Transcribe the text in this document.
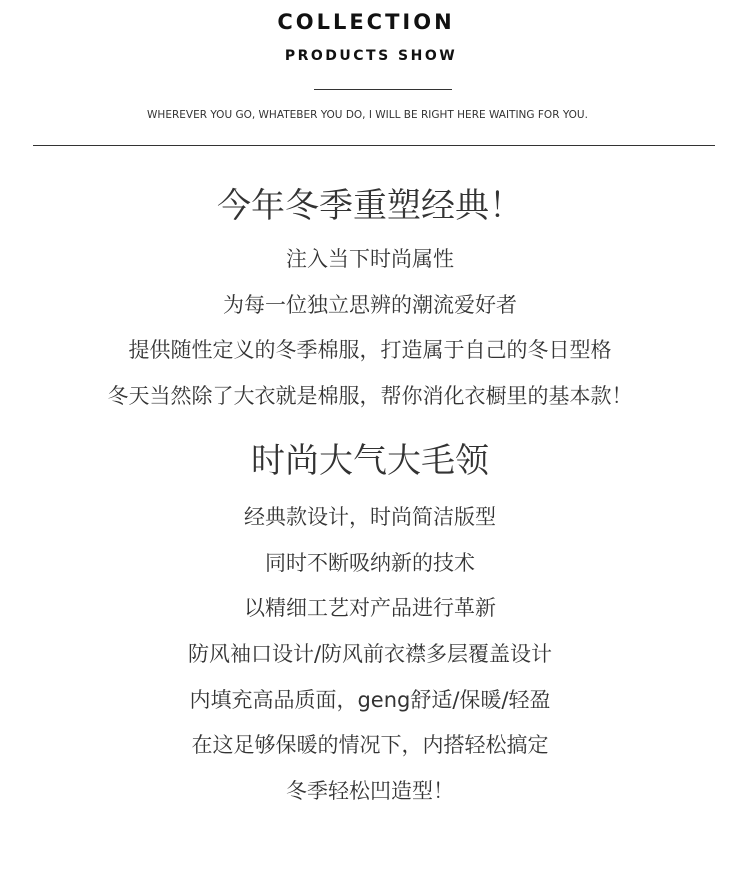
COLLECTION
PRODUCTS SHOW
WHEREVER YOU GO, WHATEBER YOU DO, I WILL BE RIGHT HERE WAITING FOR YOU.
今年冬季重塑经典！
注入当下时尚属性
为每一位独立思辨的潮流爱好者
提供随性定义的冬季棉服，打造属于自己的冬日型格
冬天当然除了大衣就是棉服，帮你消化衣橱里的基本款！
时尚大气大毛领
经典款设计，时尚简洁版型
同时不断吸纳新的技术
以精细工艺对产品进行革新
防风袖口设计/防风前衣襟多层覆盖设计
内填充高品质面，geng舒适/保暖/轻盈
在这足够保暖的情况下，内搭轻松搞定
冬季轻松凹造型！
